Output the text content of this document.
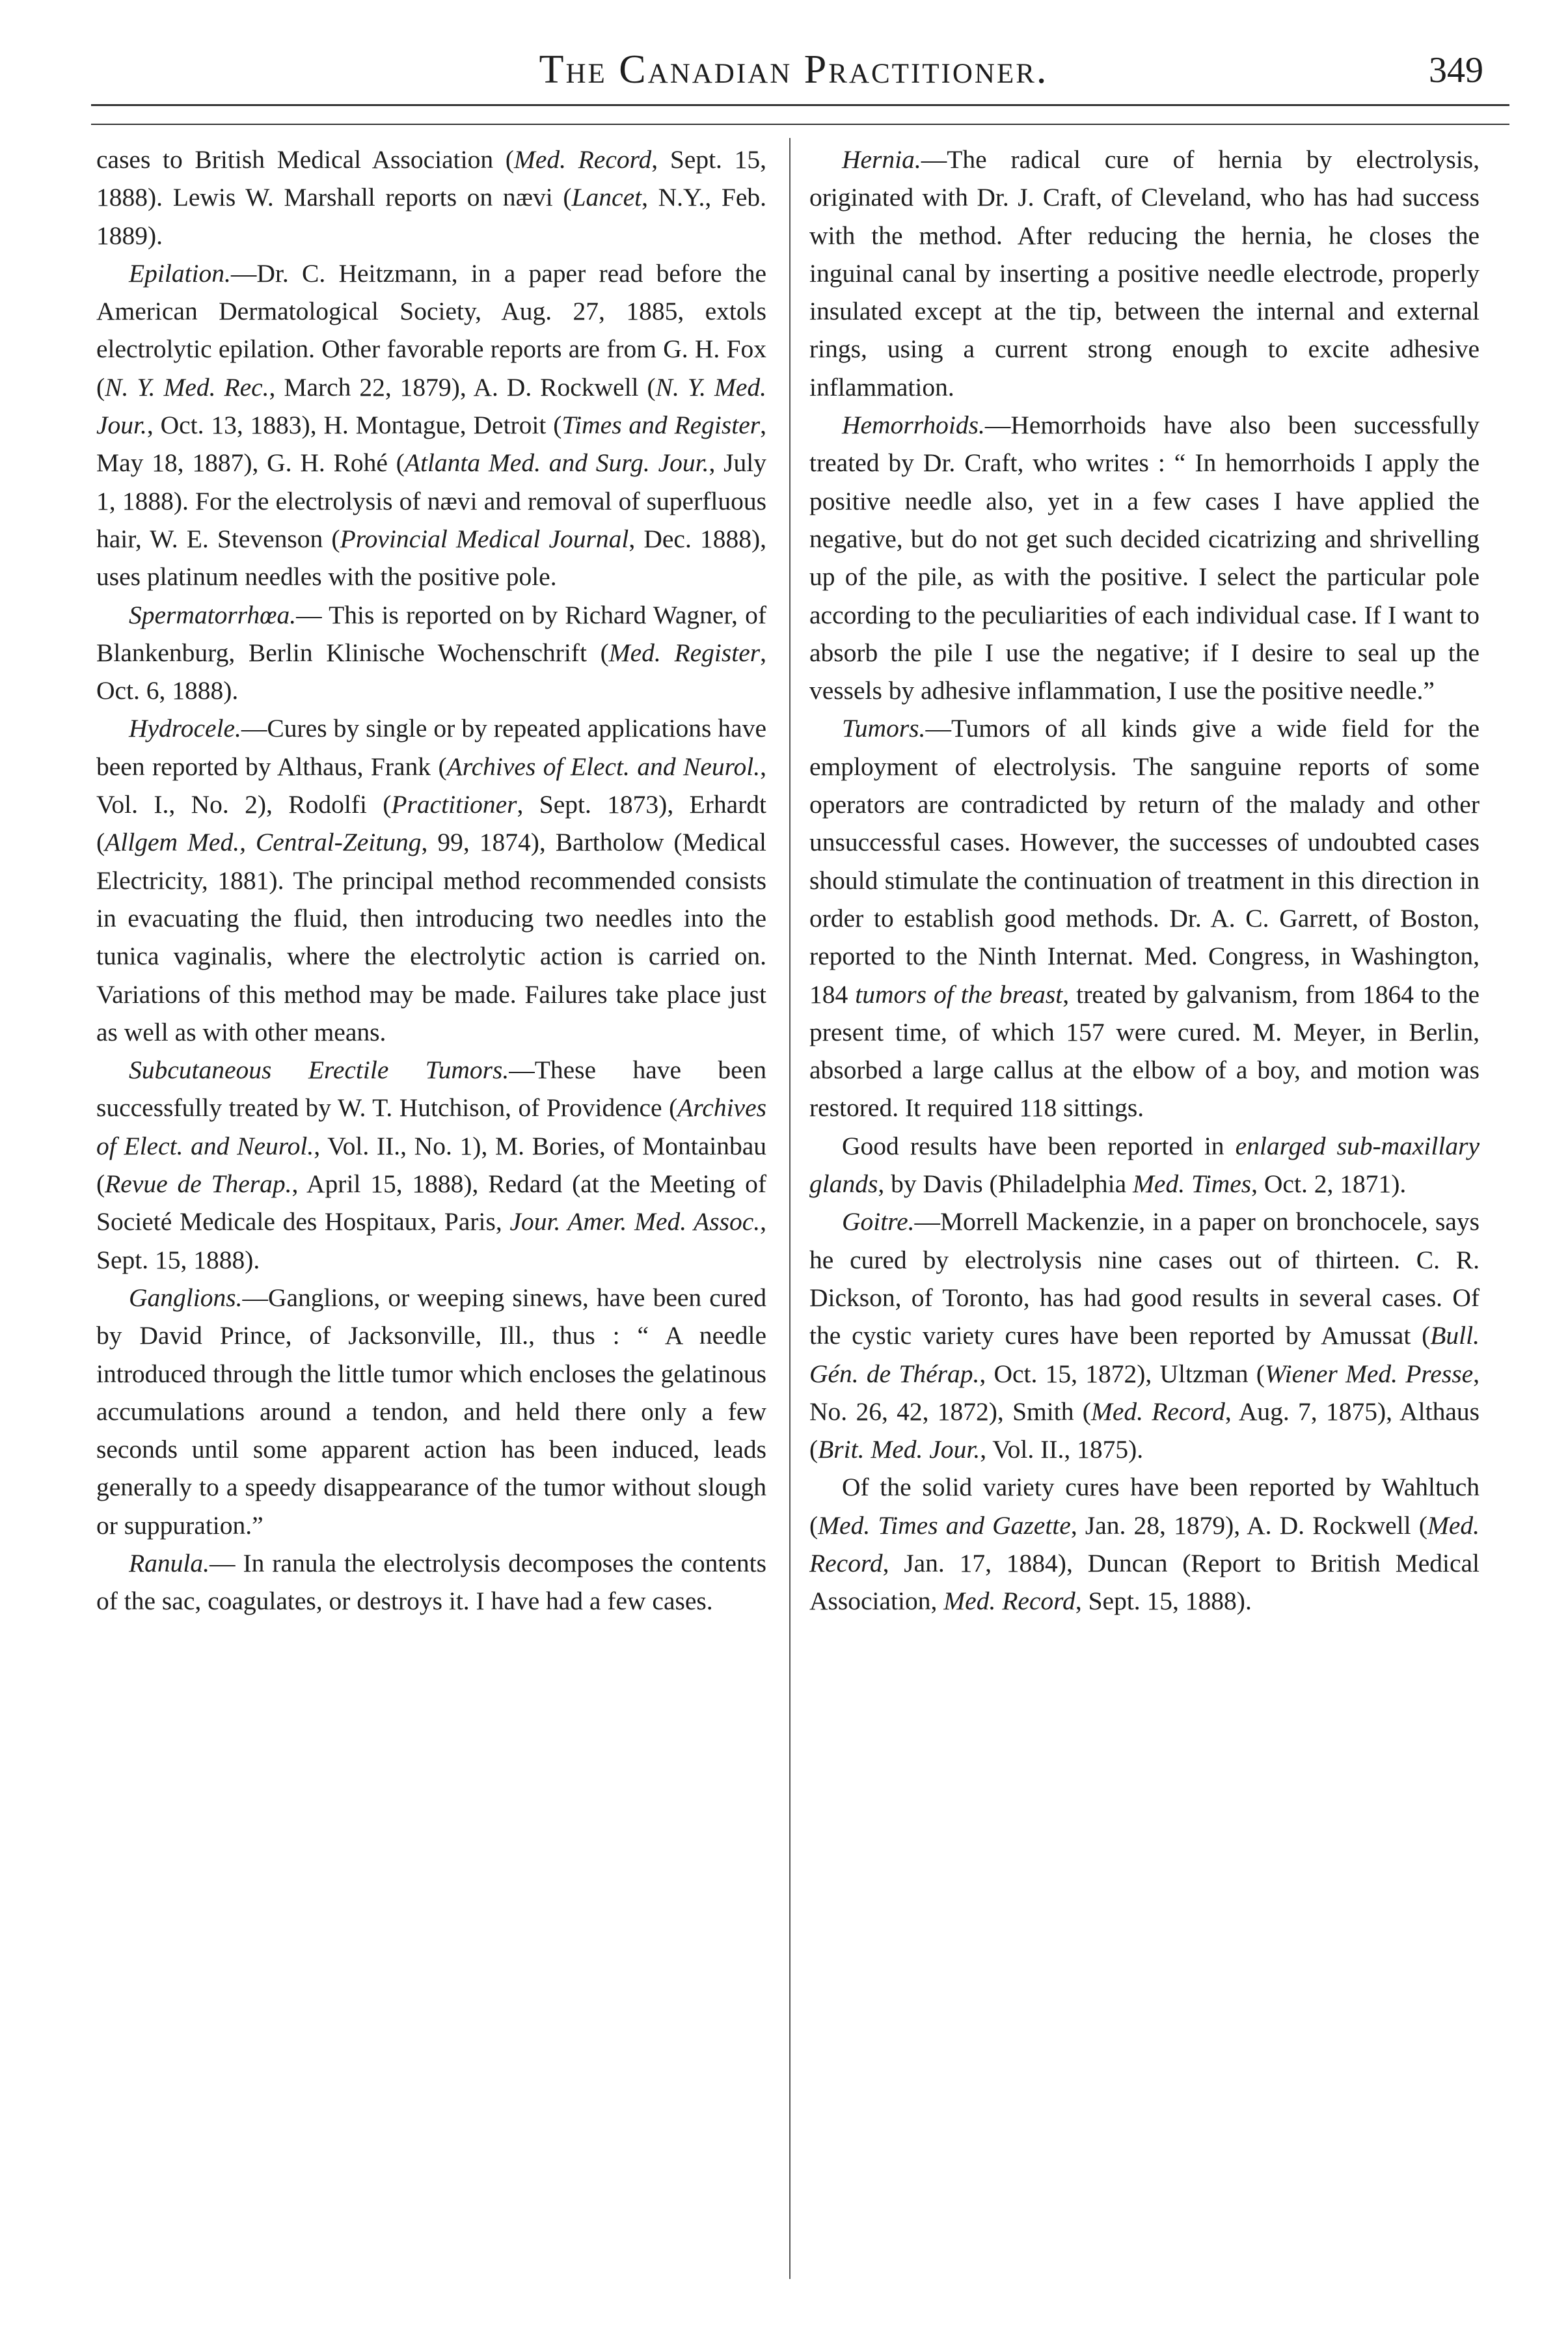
The Canadian Practitioner.	349

cases to British Medical Association (Med. Record, Sept. 15, 1888). Lewis W. Marshall reports on nævi (Lancet, N.Y., Feb. 1889).

Epilation.—Dr. C. Heitzmann, in a paper read before the American Dermatological Society, Aug. 27, 1885, extols electrolytic epilation. Other favorable reports are from G. H. Fox (N. Y. Med. Rec., March 22, 1879), A. D. Rockwell (N. Y. Med. Jour., Oct. 13, 1883), H. Montague, Detroit (Times and Register, May 18, 1887), G. H. Rohé (Atlanta Med. and Surg. Jour., July 1, 1888). For the electrolysis of nævi and removal of superfluous hair, W. E. Stevenson (Provincial Medical Journal, Dec. 1888), uses platinum needles with the positive pole.

Spermatorrhœa.— This is reported on by Richard Wagner, of Blankenburg, Berlin Klinische Wochenschrift (Med. Register, Oct. 6, 1888).

Hydrocele.—Cures by single or by repeated applications have been reported by Althaus, Frank (Archives of Elect. and Neurol., Vol. I., No. 2), Rodolfi (Practitioner, Sept. 1873), Erhardt (Allgem Med., Central-Zeitung, 99, 1874), Bartholow (Medical Electricity, 1881). The principal method recommended consists in evacuating the fluid, then introducing two needles into the tunica vaginalis, where the electrolytic action is carried on. Variations of this method may be made. Failures take place just as well as with other means.

Subcutaneous Erectile Tumors.—These have been successfully treated by W. T. Hutchison, of Providence (Archives of Elect. and Neurol., Vol. II., No. 1), M. Bories, of Montainbau (Revue de Therap., April 15, 1888), Redard (at the Meeting of Societé Medicale des Hospitaux, Paris, Jour. Amer. Med. Assoc., Sept. 15, 1888).

Ganglions.—Ganglions, or weeping sinews, have been cured by David Prince, of Jacksonville, Ill., thus : “ A needle introduced through the little tumor which encloses the gelatinous accumulations around a tendon, and held there only a few seconds until some apparent action has been induced, leads generally to a speedy disappearance of the tumor without slough or suppuration.”

Ranula.— In ranula the electrolysis decomposes the contents of the sac, coagulates, or destroys it. I have had a few cases.

Hernia.—The radical cure of hernia by electrolysis, originated with Dr. J. Craft, of Cleveland, who has had success with the method. After reducing the hernia, he closes the inguinal canal by inserting a positive needle electrode, properly insulated except at the tip, between the internal and external rings, using a current strong enough to excite adhesive inflammation.

Hemorrhoids.—Hemorrhoids have also been successfully treated by Dr. Craft, who writes : “ In hemorrhoids I apply the positive needle also, yet in a few cases I have applied the negative, but do not get such decided cicatrizing and shrivelling up of the pile, as with the positive. I select the particular pole according to the peculiarities of each individual case. If I want to absorb the pile I use the negative; if I desire to seal up the vessels by adhesive inflammation, I use the positive needle.”

Tumors.—Tumors of all kinds give a wide field for the employment of electrolysis. The sanguine reports of some operators are contradicted by return of the malady and other unsuccessful cases. However, the successes of undoubted cases should stimulate the continuation of treatment in this direction in order to establish good methods. Dr. A. C. Garrett, of Boston, reported to the Ninth Internat. Med. Congress, in Washington, 184 tumors of the breast, treated by galvanism, from 1864 to the present time, of which 157 were cured. M. Meyer, in Berlin, absorbed a large callus at the elbow of a boy, and motion was restored. It required 118 sittings.

Good results have been reported in enlarged sub-maxillary glands, by Davis (Philadelphia Med. Times, Oct. 2, 1871).

Goitre.—Morrell Mackenzie, in a paper on bronchocele, says he cured by electrolysis nine cases out of thirteen. C. R. Dickson, of Toronto, has had good results in several cases. Of the cystic variety cures have been reported by Amussat (Bull. Gén. de Thérap., Oct. 15, 1872), Ultzman (Wiener Med. Presse, No. 26, 42, 1872), Smith (Med. Record, Aug. 7, 1875), Althaus (Brit. Med. Jour., Vol. II., 1875).

Of the solid variety cures have been reported by Wahltuch (Med. Times and Gazette, Jan. 28, 1879), A. D. Rockwell (Med. Record, Jan. 17, 1884), Duncan (Report to British Medical Association, Med. Record, Sept. 15, 1888).
